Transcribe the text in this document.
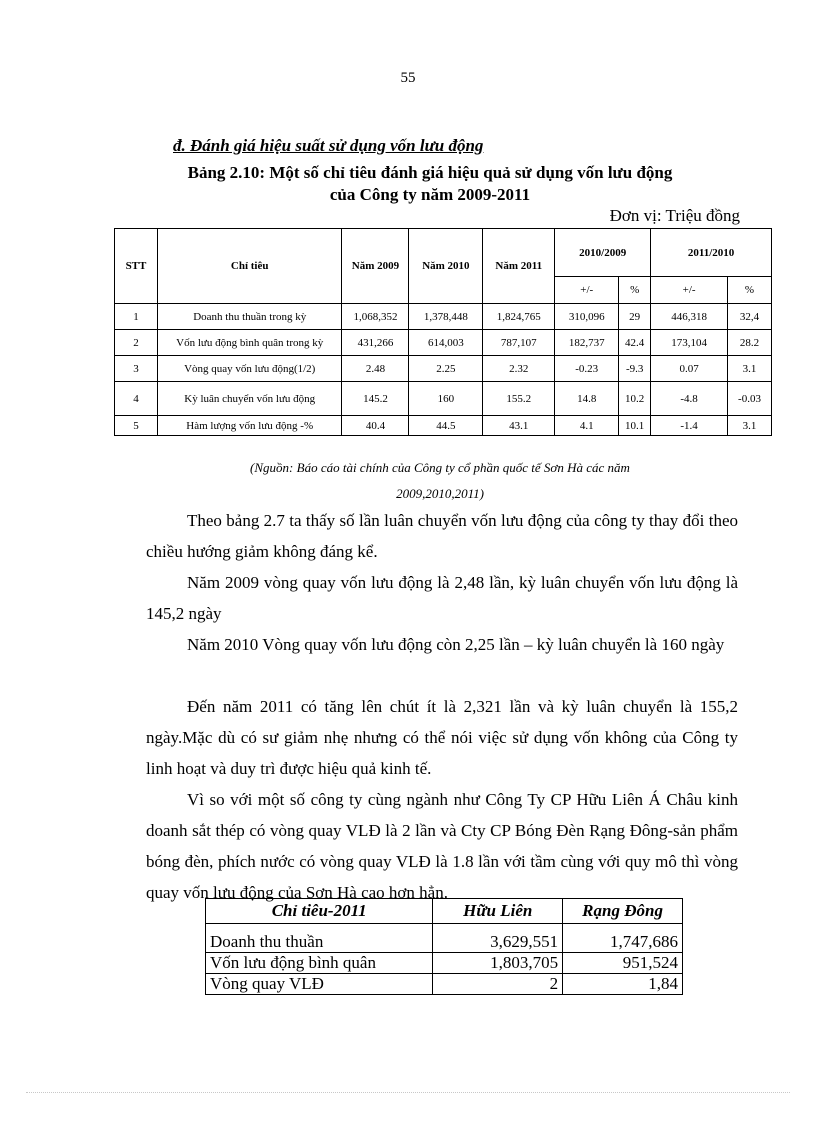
55
đ. Đánh giá hiệu suất sử dụng vốn lưu động
Bảng 2.10: Một số chỉ tiêu đánh giá hiệu quả sử dụng vốn lưu động
của Công ty năm 2009-2011
Đơn vị: Triệu đồng
STT	Chỉ tiêu	Năm 2009	Năm 2010	Năm 2011	2010/2009		2011/2010	
					+/-	%	+/-	%
1	Doanh thu thuần trong kỳ	1,068,352	1,378,448	1,824,765	310,096	29	446,318	32,4
2	Vốn lưu động bình quân trong kỳ	431,266	614,003	787,107	182,737	42.4	173,104	28.2
3	Vòng quay vốn lưu động(1/2)	2.48	2.25	2.32	-0.23	-9.3	0.07	3.1
4	Kỳ luân chuyển vốn lưu động	145.2	160	155.2	14.8	10.2	-4.8	-0.03
5	Hàm lượng vốn lưu động -%	40.4	44.5	43.1	4.1	10.1	-1.4	3.1
(Nguồn: Báo cáo tài chính của Công ty cổ phần quốc tế Sơn Hà các năm
2009,2010,2011)

Theo bảng 2.7 ta thấy số lần luân chuyển vốn lưu động của công ty thay đổi theo chiều hướng giảm không đáng kể.

Năm 2009 vòng quay vốn lưu động là 2,48 lần, kỳ luân chuyển vốn lưu động là 145,2 ngày

Năm 2010 Vòng quay vốn lưu động còn 2,25 lần – kỳ luân chuyển là 160 ngày

Đến năm 2011 có tăng lên chút ít là 2,321 lần và kỳ luân chuyển là 155,2 ngày.Mặc dù có sư giảm nhẹ nhưng có thể nói việc sử dụng vốn không của Công ty linh hoạt và duy trì được hiệu quả kinh tế.

Vì so với một số công ty cùng ngành như Công Ty CP Hữu Liên Á Châu kinh doanh sắt thép có vòng quay VLĐ là 2 lần và Cty CP Bóng Đèn Rạng Đông-sản phẩm bóng đèn, phích nước có vòng quay VLĐ là 1.8 lần với tầm cùng với quy mô thì vòng quay vốn lưu động của Sơn Hà cao hơn hẳn.

Chỉ tiêu-2011	Hữu Liên	Rạng Đông
Doanh thu thuần	3,629,551	1,747,686
Vốn lưu động bình quân	1,803,705	951,524
Vòng quay VLĐ	2	1,84
